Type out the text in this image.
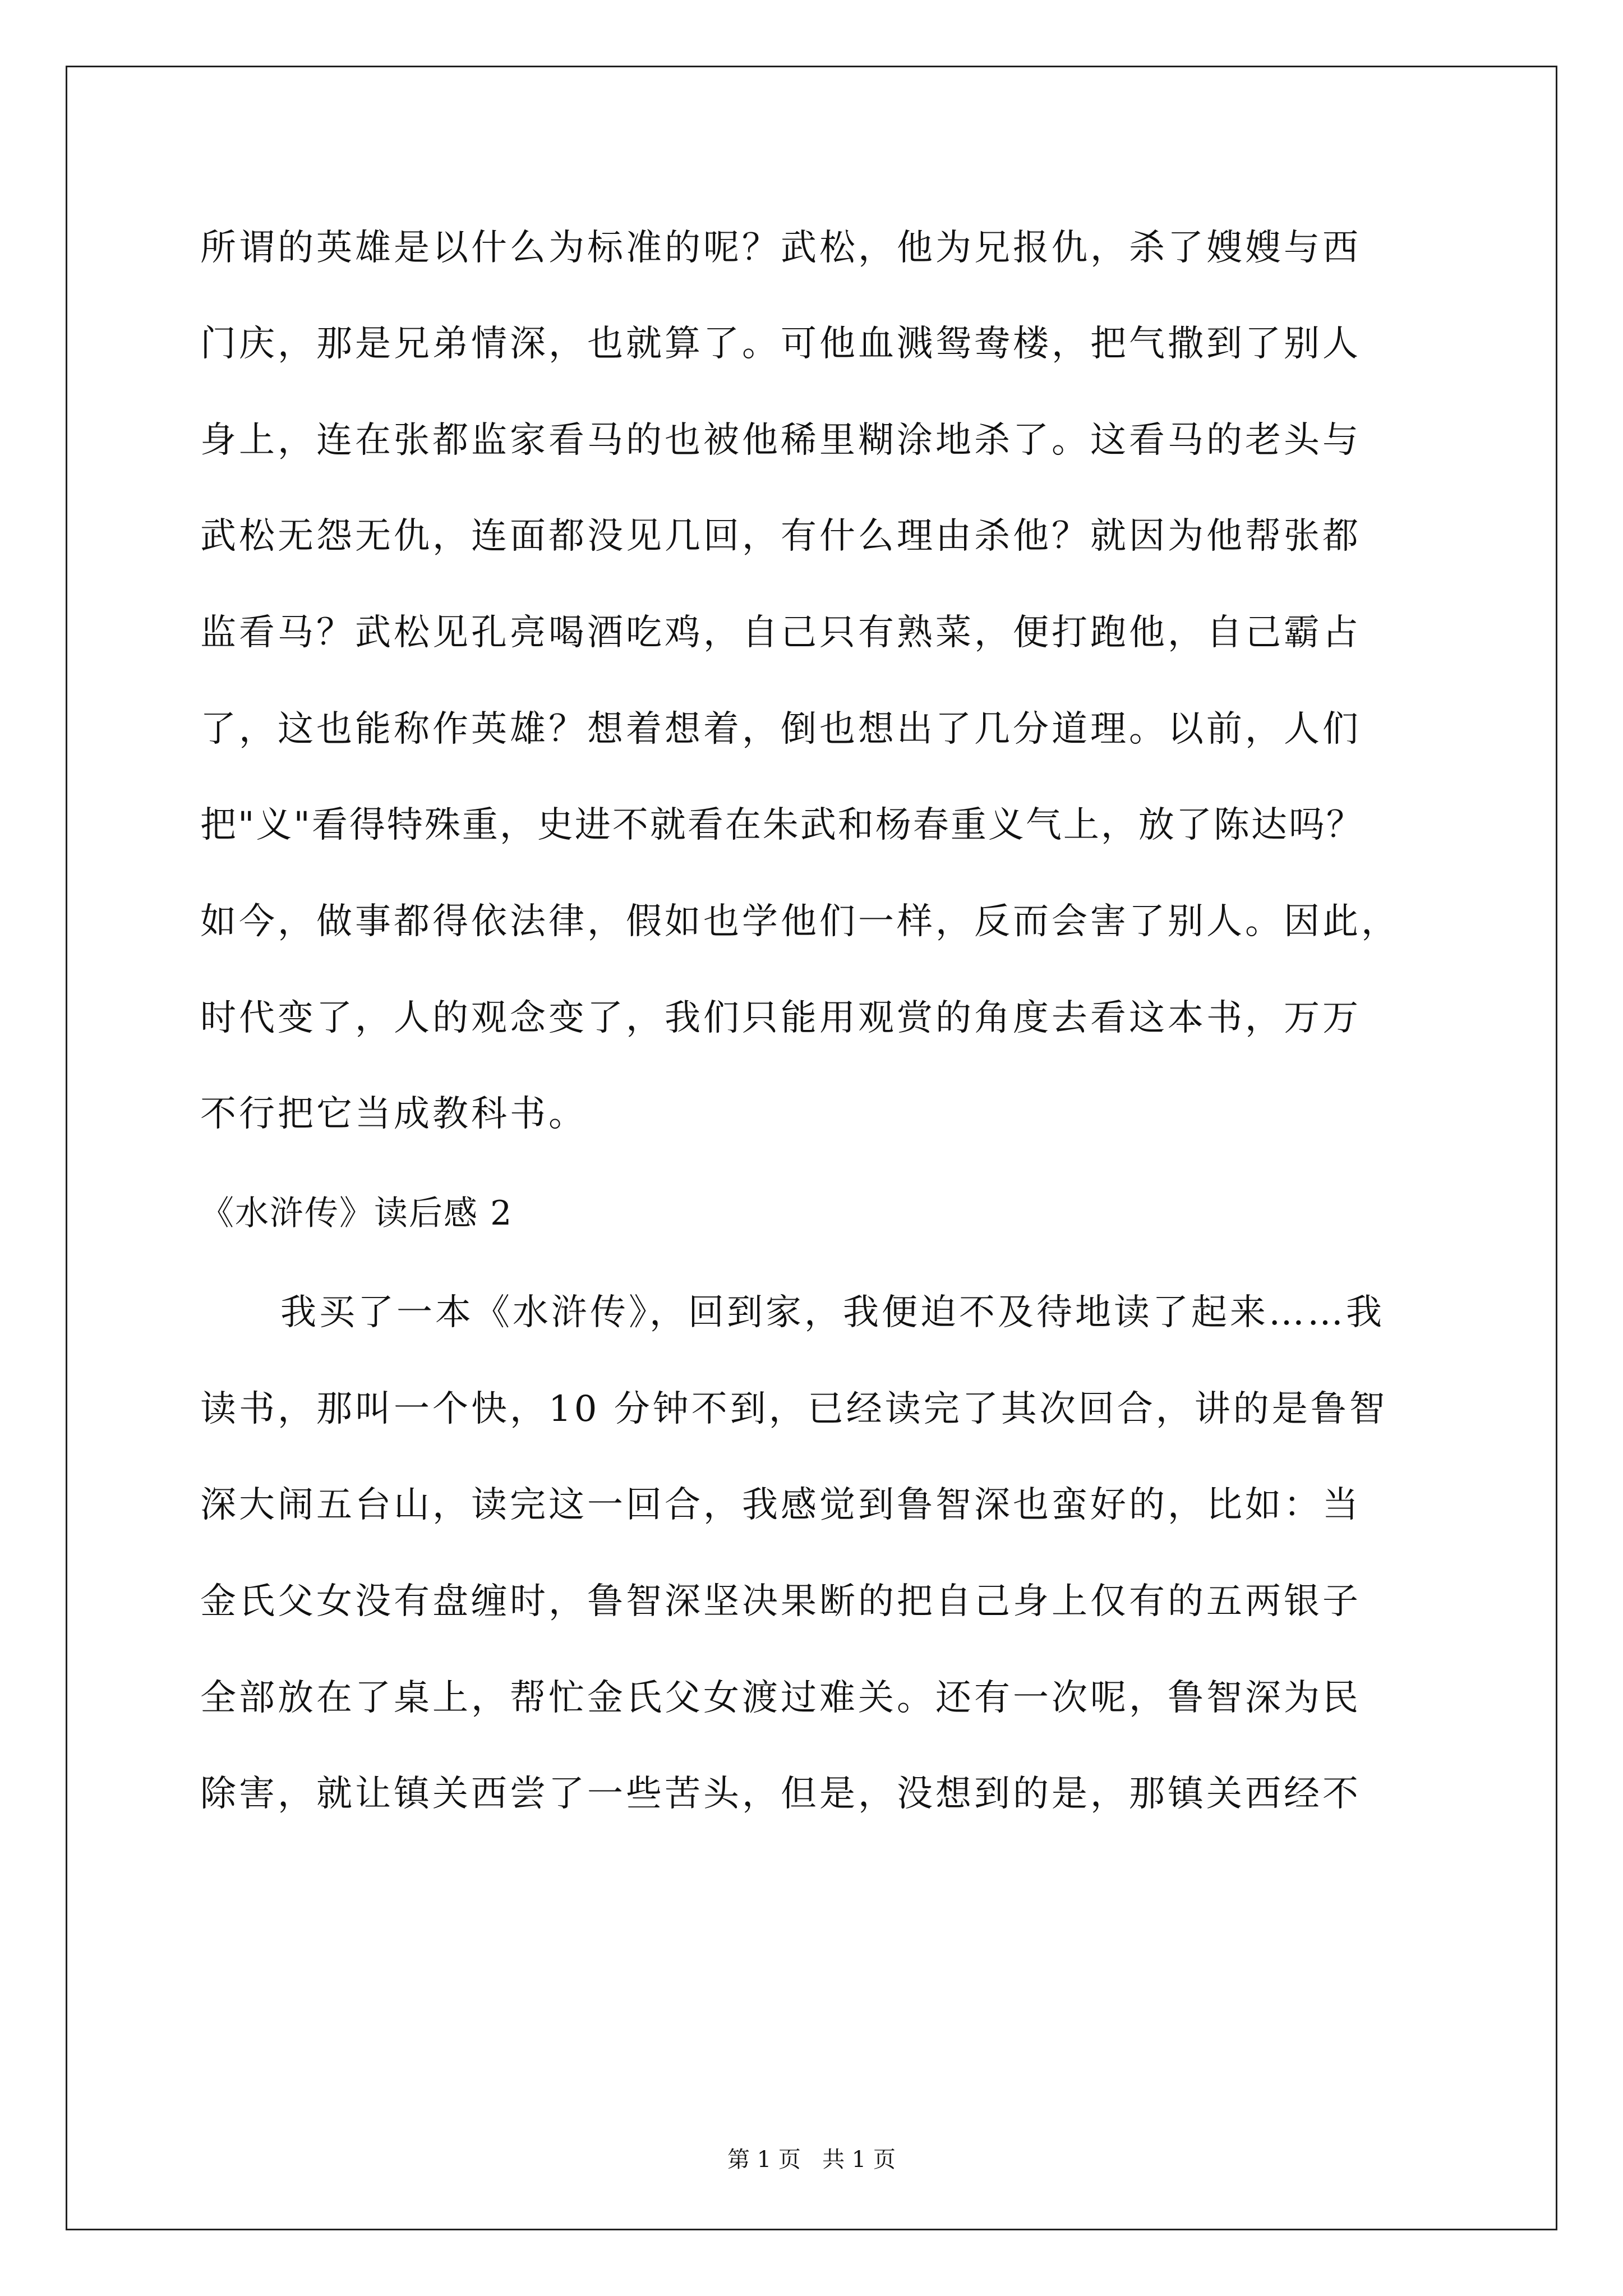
所谓的英雄是以什么为标准的呢？武松，他为兄报仇，杀了嫂嫂与西
门庆，那是兄弟情深，也就算了。可他血溅鸳鸯楼，把气撒到了别人
身上，连在张都监家看马的也被他稀里糊涂地杀了。这看马的老头与
武松无怨无仇，连面都没见几回，有什么理由杀他？就因为他帮张都
监看马？武松见孔亮喝酒吃鸡，自己只有熟菜，便打跑他，自己霸占
了，这也能称作英雄？想着想着，倒也想出了几分道理。以前，人们
把"义"看得特殊重，史进不就看在朱武和杨春重义气上，放了陈达吗？
如今，做事都得依法律，假如也学他们一样，反而会害了别人。因此，
时代变了，人的观念变了，我们只能用观赏的角度去看这本书，万万
不行把它当成教科书。
《水浒传》读后感 2
我买了一本《水浒传》，回到家，我便迫不及待地读了起来……我
读书，那叫一个快，10 分钟不到，已经读完了其次回合，讲的是鲁智
深大闹五台山，读完这一回合，我感觉到鲁智深也蛮好的，比如：当
金氏父女没有盘缠时，鲁智深坚决果断的把自己身上仅有的五两银子
全部放在了桌上，帮忙金氏父女渡过难关。还有一次呢，鲁智深为民
除害，就让镇关西尝了一些苦头，但是，没想到的是，那镇关西经不
第 1 页   共 1 页
